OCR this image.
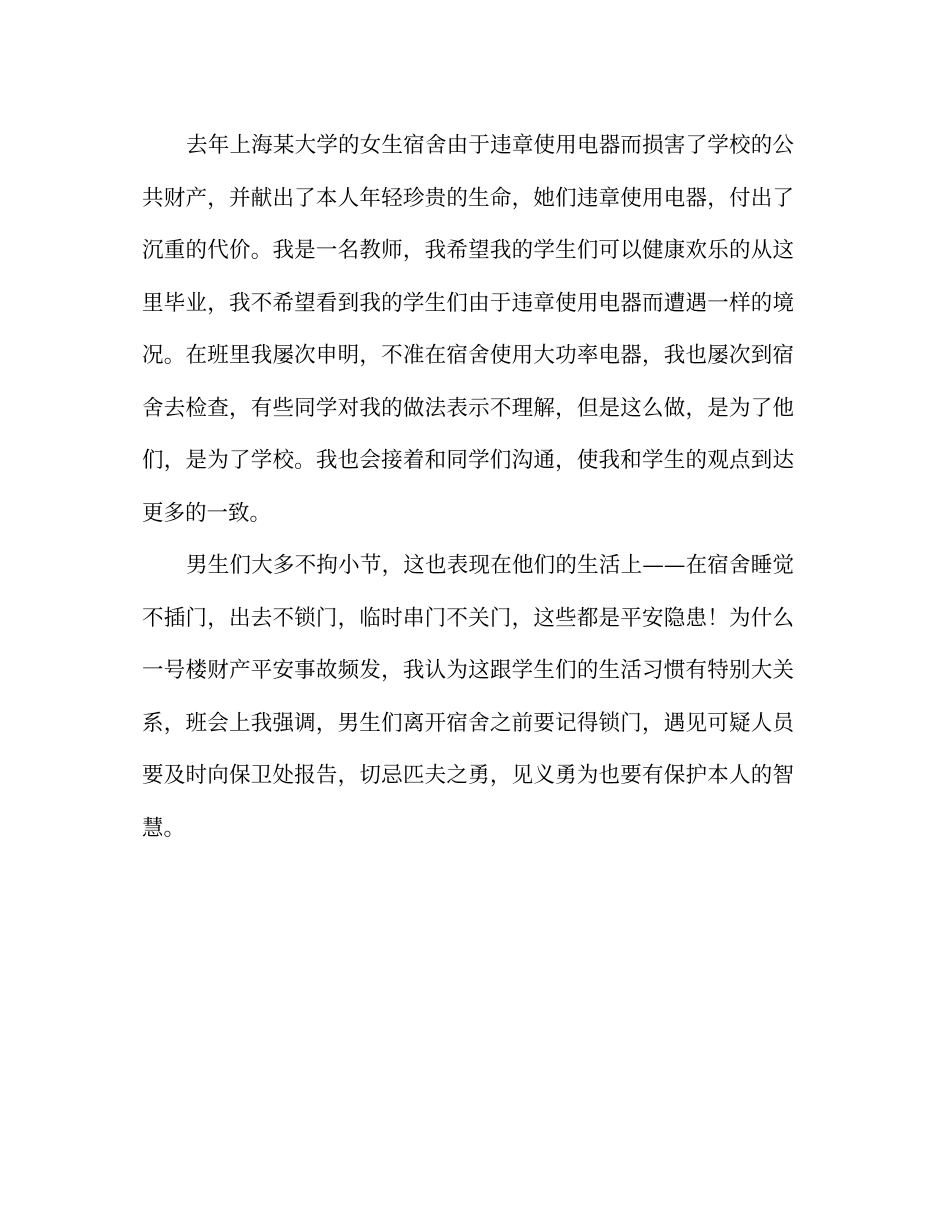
去年上海某大学的女生宿舍由于违章使用电器而损害了学校的公
共财产，并献出了本人年轻珍贵的生命，她们违章使用电器，付出了
沉重的代价。我是一名教师，我希望我的学生们可以健康欢乐的从这
里毕业，我不希望看到我的学生们由于违章使用电器而遭遇一样的境
况。在班里我屡次申明，不准在宿舍使用大功率电器，我也屡次到宿
舍去检查，有些同学对我的做法表示不理解，但是这么做，是为了他
们，是为了学校。我也会接着和同学们沟通，使我和学生的观点到达
更多的一致。
男生们大多不拘小节，这也表现在他们的生活上——在宿舍睡觉
不插门，出去不锁门，临时串门不关门，这些都是平安隐患！为什么
一号楼财产平安事故频发，我认为这跟学生们的生活习惯有特别大关
系，班会上我强调，男生们离开宿舍之前要记得锁门，遇见可疑人员
要及时向保卫处报告，切忌匹夫之勇，见义勇为也要有保护本人的智
慧。
